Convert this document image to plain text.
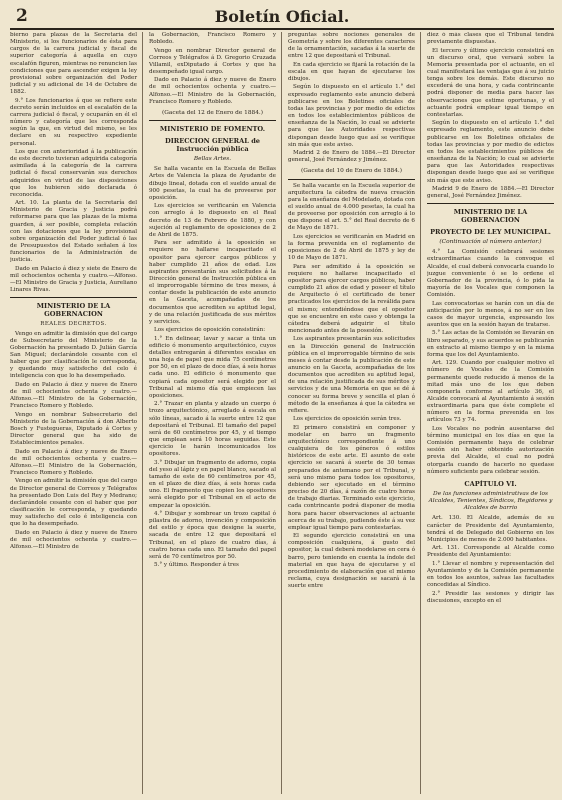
2	Boletín Oficial.

bierno para plazas de la Secretaría del Ministerio, si los funcionarios de ésta para cargos de la carrera judicial y fiscal de superior categoría á aquella en cuyo escalafón figuren, mientras no renuncien las condiciones que para ascender exigen la ley provisional sobre organización del Poder judicial y su adicional de 14 de Octubre de 1882.

9.° Los funcionarios á que se refiere este decreto serán incluidos en el escalafón de la carrera judicial ó fiscal, y ocuparán en él el número y categoría que les corresponda según la que, en virtud del mismo, se les declare en su respectivo expediente personal.

Los que con anterioridad á la publicación de este decreto tuvieran adquirida categoría asimilada á la categoría de la carrera judicial ó fiscal conservarán sus derechos adquiridos en virtud de las disposiciones que los hubieren sido declarada ó reconocida.

Art. 10. La planta de la Secretaría del Ministerio de Gracia y Justicia podrá reformarse para que las plazas de la misma guarden, á ser posible, completa relación con las dotaciones que la ley provisional sobre organización del Poder judicial ó las de Presupuestos del Estado señalen á los funcionarios de la Administración de justicia.

Dado en Palacio á diez y siete de Enero de mil ochocientos ochenta y cuatro.—Alfonso.—El Ministro de Gracia y Justicia, Aureliano Linares Rivas.

MINISTERIO DE LA GOBERNACION
REALES DECRETOS.

Vengo en admitir la dimisión que del cargo de Subsecretario del Ministerio de la Gobernación ha presentado D. Julián García San Miguel; declarándole cesante con el haber que por clasificación le corresponda, y quedando muy satisfecho del celo é inteligencia con que lo ha desempeñado.

Dado en Palacio á diez y nueve de Enero de mil ochocientos ochenta y cuatro.—Alfonso.—El Ministro de la Gobernación, Francisco Romero y Robledo.

Vengo en nombrar Subsecretario del Ministerio de la Gobernación á don Alberto Bosch y Fustegueras, Diputado á Cortes y Director general que ha sido de Establecimientos penales.

Dado en Palacio á diez y nueve de Enero de mil ochocientos ochenta y cuatro.—Alfonso.—El Ministro de la Gobernación, Francisco Romero y Robledo.

Vengo en admitir la dimisión que del cargo de Director general de Correos y Telégrafos ha presentado Don Luis del Rey y Medrano; declarándole cesante con el haber que por clasificación le corresponda, y quedando muy satisfecho del celo é inteligencia con que lo ha desempeñado.

Dado en Palacio á diez y nueve de Enero de mil ochocientos ochenta y cuatro.—Alfonso.—El Ministro de

la Gobernación, Francisco Romero y Robledo.

Vengo en nombrar Director general de Correos y Telégrafos á D. Gregorio Cruzada Villamil, exDiputado á Cortes y que ha desempeñado igual cargo.

Dado en Palacio á diez y nueve de Enero de mil ochocientos ochenta y cuatro.—Alfonso.—El Ministro de la Gobernación, Francisco Romero y Robledo.

(Gaceta del 12 de Enero de 1884.)
MINISTERIO DE FOMENTO.
DIRECCION GENERAL de Instrucción pública
Bellas Artes.

Se halla vacante en la Escuela de Bellas Artes de Valencia la plaza de Ayudante de dibujo lineal, dotada con el sueldo anual de 900 pesetas, la cual ha de proveerse por oposición.

Los ejercicios se verificarán en Valencia con arreglo á lo dispuesto en el Real decreto de 13 de Febrero de 1880, y con sujeción al reglamento de oposiciones de 2 de Abril de 1875.

Para ser admitido á la oposición se requiere no hallarse incapacitado el opositor para ejercer cargos públicos y haber cumplido 21 años de edad. Los aspirantes presentarán sus solicitudes á la Dirección general de Instrucción pública en el improrrogable término de tres meses, á contar desde la publicación de este anuncio en la Gaceta, acompañadas de los documentos que acrediten su aptitud legal, y de una relación justificada de sus méritos y servicios.

Los ejercicios de oposición consistirán:

1.° En delinear, lavar y sacar a tinta un edificio ó monumento arquitectónico, cuyos detalles entregarán á diferentes escalas en una hoja de papel que mida 75 centímetros por 50, en el plazo de doce días, á seis horas cada uno. El edificio ó monumento que copiará cada opositor será elegido por el Tribunal al mismo día que empiecen las oposiciones.

2.° Trazar en planta y alzado un cuerpo ó trozo arquitectónico, arreglado á escala en sólo líneas, sacado á la suerte entre 12 que depositará el Tribunal. El tamaño del papel será de 60 centímetros por 45, y el tiempo que emplean será 10 horas seguidas. Este ejercicio le harán incomunicados los opositores.

3.° Dibujar un fragmento de adorno, copia del yeso al lápiz y en papel blanco, sacado al tamaño de este de 60 centímetros por 45, en el plazo de diez días, á seis horas cada uno. El fragmento que copien los opositores será elegido por el Tribunal en el acto de empezar la oposición.

4.° Dibujar y sombrear un trozo capital ó pilastra de adorno, invención y composición del estilo y época que designe la suerte, sacada de entre 12 que depositará el Tribunal, en el plazo de cuatro días, á cuatro horas cada uno. El tamaño del papel será de 70 centímetros por 50.

5.° y último. Responder á tres

preguntas sobre nociones generales de Geometría y sobre los diferentes caracteres de la ornamentación, sacadas á la suerte de entre 12 que depositará el Tribunal.

En cada ejercicio se fijará la rotación de la escala en que hayan de ejecutarse los dibujos.

Según lo dispuesto en el artículo 1.° del expresado reglamento este anuncio deberá publicarse en los Boletines oficiales de todas las provincias y por medio de edictos en todos los establecimientos públicos de enseñanza de la Nación, lo cual se advierte para que las Autoridades respectivas dispongan desde luego que así se verifique sin más que este aviso.

Madrid 2 de Enero de 1884.—El Director general, José Fernández y Jiménez.

(Gaceta del 10 de Enero de 1884.)

Se halla vacante en la Escuela superior de arquitectura la cátedra de nueva creación para la enseñanza del Modelado, dotada con el sueldo anual de 4.000 pesetas, la cual ha de proveerse por oposición con arreglo á lo que dispone el art. 5.° del Real decreto de 6 de Mayo de 1871.

Los ejercicios se verificarán en Madrid en la forma prevenida en el reglamento de oposiciones de 2 de Abril de 1875 y ley de 10 de Mayo de 1871.

Para ser admitido á la oposición se requiere no hallarse incapacitado el opositor para ejercer cargos públicos, haber cumplido 21 años de edad y poseer el título de Arquitecto ó el certificado de tener practicados los ejercicios de la reválida para el mismo; entendiéndose que el opositor que se encuentre en este caso y obtenga la cátedra deberá adquirir el título mencionado antes de la posesión.

Los aspirantes presentarán sus solicitudes en la Dirección general de Instrucción pública en el improrrogable término de seis meses á contar desde la publicación de este anuncio en la Gaceta, acompañadas de los documentos que acrediten su aptitud legal, de una relación justificada de sus méritos y servicios y de una Memoria en que se dé á conocer su forma breve y sencilla el plan ó método de la enseñanza á que la cátedra se refiere.

Los ejercicios de oposición serán tres.

El primero consistirá en componer y modelar en barro un fragmento arquitectónico correspondiente á uno cualquiera de los géneros ó estilos históricos de este arte. El asunto de este ejercicio se sacará á suerte de 30 temas preparados de antemano por el Tribunal, y será uno mismo para todos los opositores, debiendo ser ejecutado en el término preciso de 20 días, á razón de cuatro horas de trabajo diarias. Terminado este ejercicio, cada contrincante podrá disponer de media hora para hacer observaciones al actuante acerca de su trabajo, pudiendo éste á su vez emplear igual tiempo para contestarlas.

El segundo ejercicio consistirá en una composición cualquiera, á gusto del opositor, la cual deberá modelarse en cera ó barro, pero teniendo en cuenta la índole del material en que haya de ejecutarse y el procedimiento de elaboración que el mismo reclama, cuya designación se sacará á la suerte entre

diez ó más clases que el Tribunal tendrá previamente dispuestas.

El tercero y último ejercicio consistirá en un discurso oral, que versará sobre la Memoria presentada por el actuante, en el cual manifestará las ventajas que á su juicio tenga sobre los demás. Este discurso no excederá de una hora, y cada contrincante podrá disponer de media para hacer las observaciones que estime oportunas, y el actuante podrá emplear igual tiempo en contestarlas.

Según lo dispuesto en el artículo 1.° del expresado reglamento, este anuncio debe publicarse en los Boletines oficiales de todas las provincias y por medio de edictos en todos los establecimientos públicos de enseñanza de la Nación; lo cual se advierte para que las Autoridades respectivas dispongan desde luego que así se verifique sin más que este aviso.

Madrid 9 de Enero de 1884.—El Director general, José Fernández Jiménez.

MINISTERIO DE LA GOBERNACION
PROYECTO DE LEY MUNICIPAL.
(Continuación al número anterior.)

4.° La Comisión celebrará sesiones extraordinarias cuando la convoque el Alcalde, el cual deberá convocarla cuando lo juzgue conveniente ó se lo ordene el Gobernador de la provincia, ó lo pida la mayoría de los Vocales que componen la Comisión.

Las convocatorias se harán con un día de anticipación por lo menos, á no ser en los casos de mayor urgencia, expresando los asuntos que en la sesión hayan de tratarse.

5.° Las actas de la Comisión se llevarán en libro separado, y sus acuerdos se publicarán en extracto al mismo tiempo y en la misma forma que los del Ayuntamiento.

Art. 129. Cuando por cualquier motivo el número de Vocales de la Comisión permanente quede reducido á menos de la mitad más uno de los que deben componerla conforme al artículo 36, el Alcalde convocará al Ayuntamiento á sesión extraordinaria para que éste complete el número en la forma prevenida en los artículos 73 y 74.

Los Vocales no podrán ausentarse del término municipal en los días en que la Comisión permanente haya de celebrar sesión sin haber obtenido autorización previa del Alcalde, el cual no podrá otorgarla cuando de hacerlo no quedase número suficiente para celebrar sesión.

CAPÍTULO VI.
De las funciones administrativas de los Alcaldes, Tenientes, Síndicos, Regidores y Alcaldes de barrio

Art. 130. El Alcalde, además de su carácter de Presidente del Ayuntamiento, tendrá el de Delegado del Gobierno en los Municipios de menos de 2.000 habitantes.

Art. 131. Corresponde al Alcalde como Presidente del Ayuntamiento:

1.° Llevar el nombre y representación del Ayuntamiento y de la Comisión permanente en todos los asuntos, salvas las facultades concedidas al Síndico.

2.° Presidir las sesiones y dirigir las discusiones, excepto en el
